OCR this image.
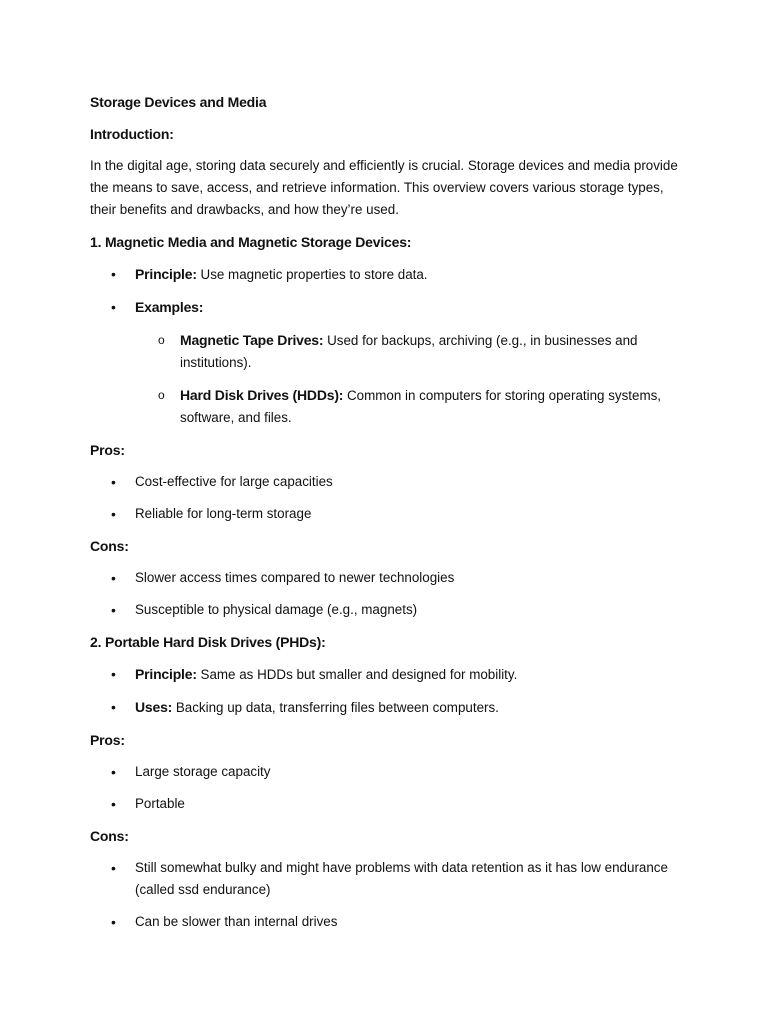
Storage Devices and Media

Introduction:

In the digital age, storing data securely and efficiently is crucial. Storage devices and media provide the means to save, access, and retrieve information. This overview covers various storage types, their benefits and drawbacks, and how they’re used.

1. Magnetic Media and Magnetic Storage Devices:

• Principle: Use magnetic properties to store data.
• Examples:
o Magnetic Tape Drives: Used for backups, archiving (e.g., in businesses and institutions).
o Hard Disk Drives (HDDs): Common in computers for storing operating systems, software, and files.

Pros:

• Cost-effective for large capacities
• Reliable for long-term storage

Cons:

• Slower access times compared to newer technologies
• Susceptible to physical damage (e.g., magnets)

2. Portable Hard Disk Drives (PHDs):

• Principle: Same as HDDs but smaller and designed for mobility.
• Uses: Backing up data, transferring files between computers.

Pros:

• Large storage capacity
• Portable

Cons:

• Still somewhat bulky and might have problems with data retention as it has low endurance (called ssd endurance)
• Can be slower than internal drives
